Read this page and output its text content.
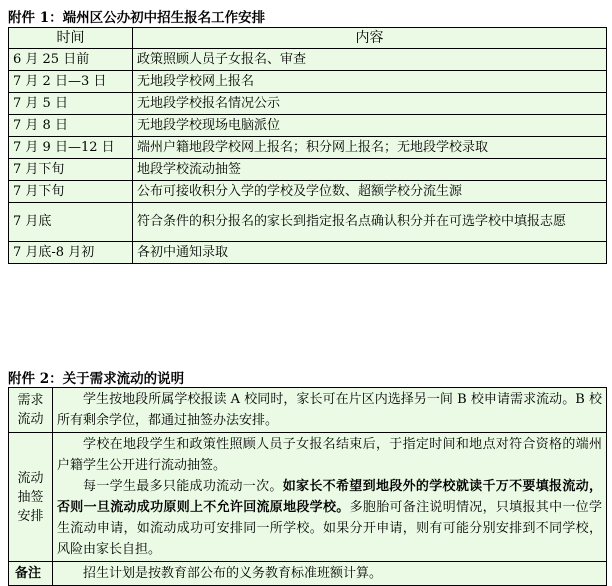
附件 1：端州区公办初中招生报名工作安排
时间	内容
6 月 25 日前	政策照顾人员子女报名、审查
7 月 2 日—3 日	无地段学校网上报名
7 月 5 日	无地段学校报名情况公示
7 月 8 日	无地段学校现场电脑派位
7 月 9 日—12 日	端州户籍地段学校网上报名；积分网上报名；无地段学校录取
7 月下旬	地段学校流动抽签
7 月下旬	公布可接收积分入学的学校及学位数、超额学校分流生源
7 月底	符合条件的积分报名的家长到指定报名点确认积分并在可选学校中填报志愿
7 月底-8 月初	各初中通知录取
附件 2：关于需求流动的说明
需求
流动	学生按地段所属学校报读 A 校同时，家长可在片区内选择另一间 B 校申请需求流动。B 校所有剩余学位，都通过抽签办法安排。

流动
抽签
安排	学校在地段学生和政策性照顾人员子女报名结束后，于指定时间和地点对符合资格的端州户籍学生公开进行流动抽签。
每一学生最多只能成功流动一次。如家长不希望到地段外的学校就读千万不要填报流动，否则一旦流动成功原则上不允许回流原地段学校。多胞胎可备注说明情况，只填报其中一位学生流动申请，如流动成功可安排同一所学校。如果分开申请，则有可能分别安排到不同学校，风险由家长自担。

备注	招生计划是按教育部公布的义务教育标准班额计算。
